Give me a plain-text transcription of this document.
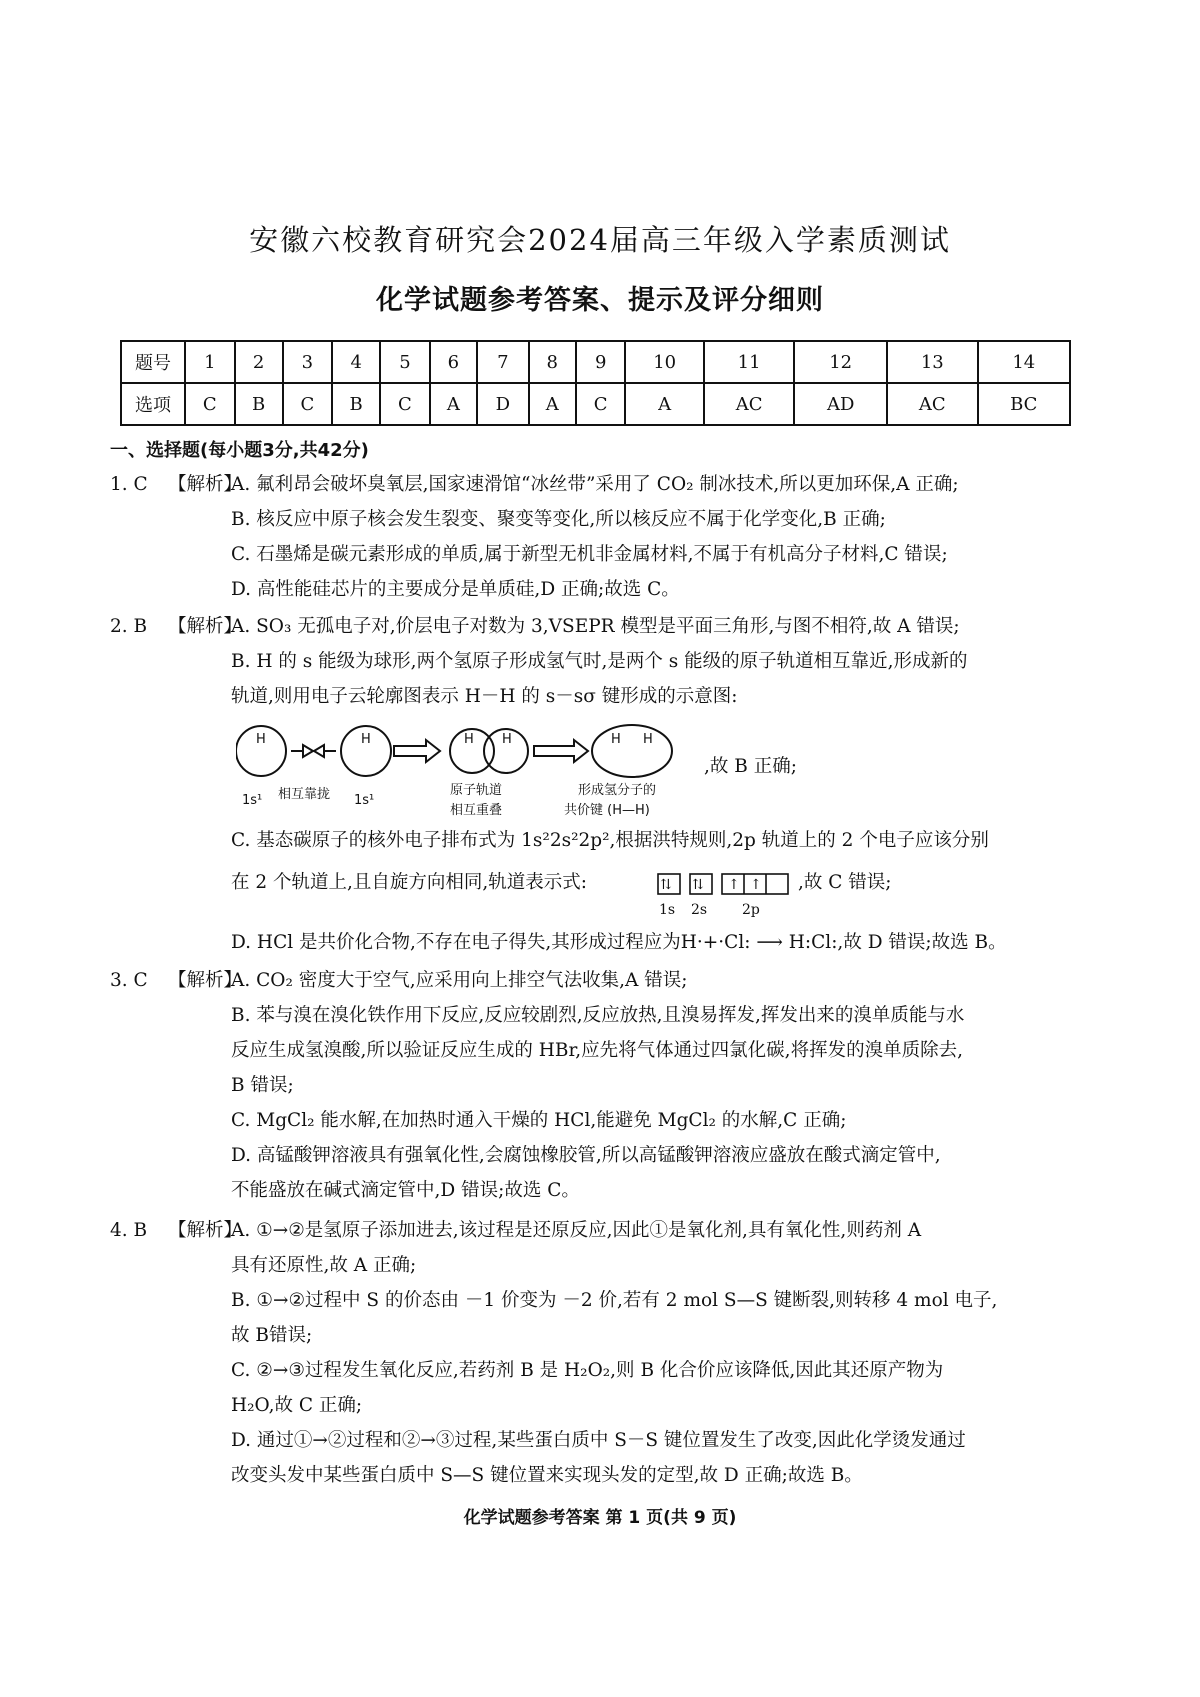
安徽六校教育研究会2024届高三年级入学素质测试
化学试题参考答案、提示及评分细则
题号	1	2	3	4	5	6	7	8	9	10	11	12	13	14
选项	C	B	C	B	C	A	D	A	C	A	AC	AD	AC	BC
一、选择题(每小题3分,共42分)
1. C 【解析】
A. 氟利昂会破坏臭氧层,国家速滑馆“冰丝带”采用了 CO₂ 制冰技术,所以更加环保,A 正确;
B. 核反应中原子核会发生裂变、聚变等变化,所以核反应不属于化学变化,B 正确;
C. 石墨烯是碳元素形成的单质,属于新型无机非金属材料,不属于有机高分子材料,C 错误;
D. 高性能硅芯片的主要成分是单质硅,D 正确;故选 C。
2. B 【解析】
A. SO₃ 无孤电子对,价层电子对数为 3,VSEPR 模型是平面三角形,与图不相符,故 A 错误;
B. H 的 s 能级为球形,两个氢原子形成氢气时,是两个 s 能级的原子轨道相互靠近,形成新的
轨道,则用电子云轮廓图表示 H－H 的 s－sσ 键形成的示意图:
H	H	H H	H H
1s¹ 相互靠拢 1s¹
原子轨道
相互重叠
形成氢分子的
共价键 (H—H)
,故 B 正确;
C. 基态碳原子的核外电子排布式为 1s²2s²2p²,根据洪特规则,2p 轨道上的 2 个电子应该分别
在 2 个轨道上,且自旋方向相同,轨道表示式:	,故 C 错误;
⇅ ⇅ ↑ ↑
1s 2s 2p
D. HCl 是共价化合物,不存在电子得失,其形成过程应为H·+·Cl: ⟶ H:Cl:,故 D 错误;故选 B。
3. C 【解析】
A. CO₂ 密度大于空气,应采用向上排空气法收集,A 错误;
B. 苯与溴在溴化铁作用下反应,反应较剧烈,反应放热,且溴易挥发,挥发出来的溴单质能与水
反应生成氢溴酸,所以验证反应生成的 HBr,应先将气体通过四氯化碳,将挥发的溴单质除去,
B 错误;
C. MgCl₂ 能水解,在加热时通入干燥的 HCl,能避免 MgCl₂ 的水解,C 正确;
D. 高锰酸钾溶液具有强氧化性,会腐蚀橡胶管,所以高锰酸钾溶液应盛放在酸式滴定管中,
不能盛放在碱式滴定管中,D 错误;故选 C。
4. B 【解析】
A. ①→②是氢原子添加进去,该过程是还原反应,因此①是氧化剂,具有氧化性,则药剂 A
具有还原性,故 A 正确;
B. ①→②过程中 S 的价态由 －1 价变为 －2 价,若有 2 mol S—S 键断裂,则转移 4 mol 电子,
故 B错误;
C. ②→③过程发生氧化反应,若药剂 B 是 H₂O₂,则 B 化合价应该降低,因此其还原产物为
H₂O,故 C 正确;
D. 通过①→②过程和②→③过程,某些蛋白质中 S－S 键位置发生了改变,因此化学烫发通过
改变头发中某些蛋白质中 S—S 键位置来实现头发的定型,故 D 正确;故选 B。
化学试题参考答案 第 1 页(共 9 页)
